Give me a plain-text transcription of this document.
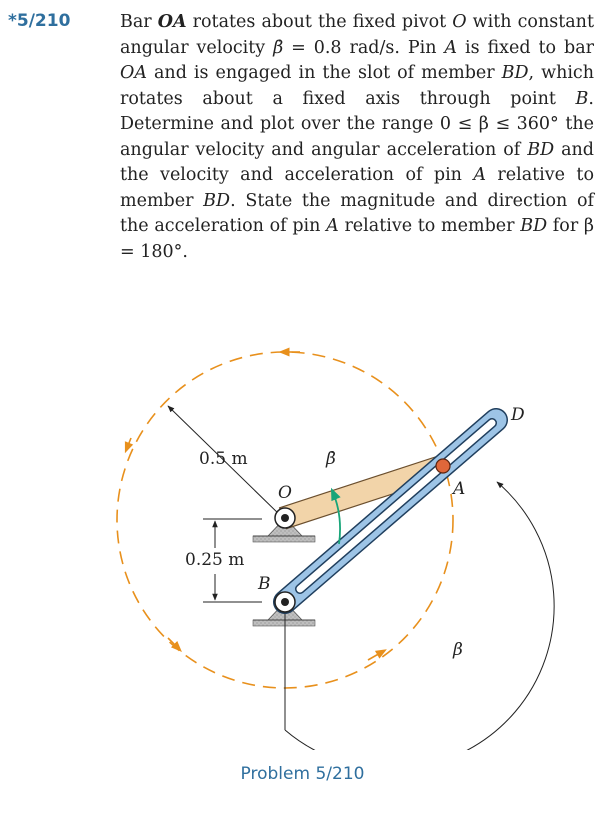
*5/210	Bar OA rotates about the fixed pivot O with constant angular velocity β̇ = 0.8 rad/s. Pin A is fixed to bar OA and is engaged in the slot of member BD, which rotates about a fixed axis through point B. Determine and plot over the range 0 ≤ β ≤ 360° the angular velocity and angular acceleration of BD and the velocity and acceleration of pin A relative to member BD. State the magnitude and direction of the acceleration of pin A relative to member BD for β = 180°.
D
A
O
B
0.5 m
0.25 m
β̇
β
Problem 5/210
